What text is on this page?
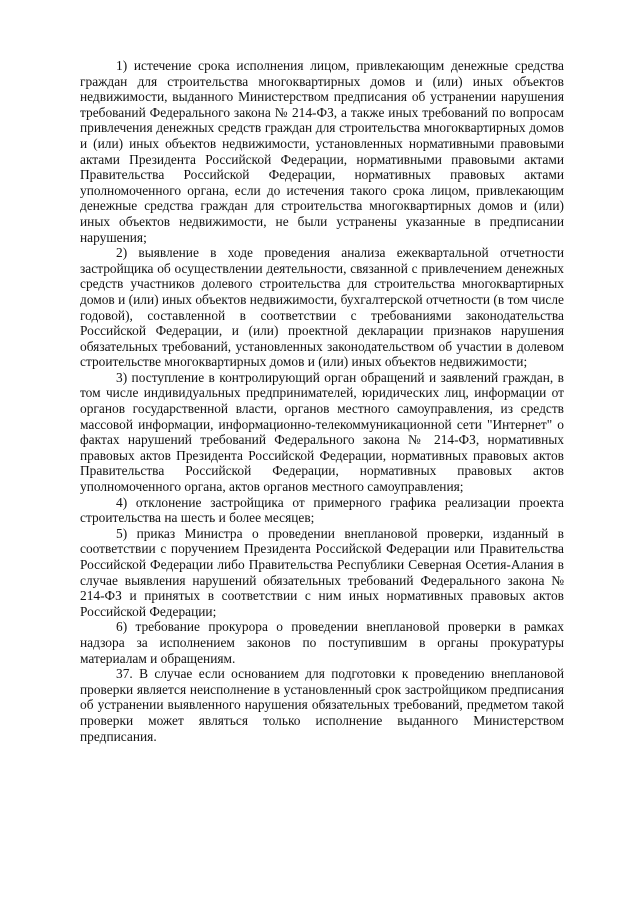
1) истечение срока исполнения лицом, привлекающим денежные средства граждан для строительства многоквартирных домов и (или) иных объектов недвижимости, выданного Министерством предписания об устранении нарушения требований Федерального закона № 214-ФЗ, а также иных требований по вопросам привлечения денежных средств граждан для строительства многоквартирных домов и (или) иных объектов недвижимости, установленных нормативными правовыми актами Президента Российской Федерации, нормативными правовыми актами Правительства Российской Федерации, нормативных правовых актами уполномоченного органа, если до истечения такого срока лицом, привлекающим денежные средства граждан для строительства многоквартирных домов и (или) иных объектов недвижимости, не были устранены указанные в предписании нарушения;

2) выявление в ходе проведения анализа ежеквартальной отчетности застройщика об осуществлении деятельности, связанной с привлечением денежных средств участников долевого строительства для строительства многоквартирных домов и (или) иных объектов недвижимости, бухгалтерской отчетности (в том числе годовой), составленной в соответствии с требованиями законодательства Российской Федерации, и (или) проектной декларации признаков нарушения обязательных требований, установленных законодательством об участии в долевом строительстве многоквартирных домов и (или) иных объектов недвижимости;

3) поступление в контролирующий орган обращений и заявлений граждан, в том числе индивидуальных предпринимателей, юридических лиц, информации от органов государственной власти, органов местного самоуправления, из средств массовой информации, информационно-телекоммуникационной сети "Интернет" о фактах нарушений требований Федерального закона № 214-ФЗ, нормативных правовых актов Президента Российской Федерации, нормативных правовых актов Правительства Российской Федерации, нормативных правовых актов уполномоченного органа, актов органов местного самоуправления;

4) отклонение застройщика от примерного графика реализации проекта строительства на шесть и более месяцев;

5) приказ Министра о проведении внеплановой проверки, изданный в соответствии с поручением Президента Российской Федерации или Правительства Российской Федерации либо Правительства Республики Северная Осетия-Алания в случае выявления нарушений обязательных требований Федерального закона № 214-ФЗ и принятых в соответствии с ним иных нормативных правовых актов Российской Федерации;

6) требование прокурора о проведении внеплановой проверки в рамках надзора за исполнением законов по поступившим в органы прокуратуры материалам и обращениям.

37. В случае если основанием для подготовки к проведению внеплановой проверки является неисполнение в установленный срок застройщиком предписания об устранении выявленного нарушения обязательных требований, предметом такой проверки может являться только исполнение выданного Министерством предписания.
